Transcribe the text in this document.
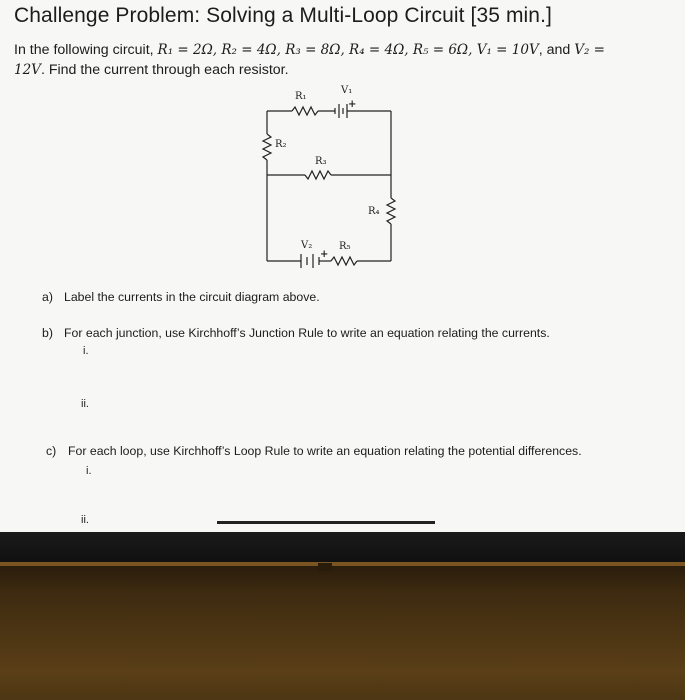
Challenge Problem: Solving a Multi-Loop Circuit [35 min.]
In the following circuit, R₁ = 2Ω, R₂ = 4Ω, R₃ = 8Ω, R₄ = 4Ω, R₅ = 6Ω, V₁ = 10V, and V₂ =
12V. Find the current through each resistor.
R₁
V₁
+
R₂
R₃
R₄
V₂
+
R₅
a) Label the currents in the circuit diagram above.
b) For each junction, use Kirchhoff’s Junction Rule to write an equation relating the currents.
i.
ii.
c) For each loop, use Kirchhoff’s Loop Rule to write an equation relating the potential differences.
i.
ii.
